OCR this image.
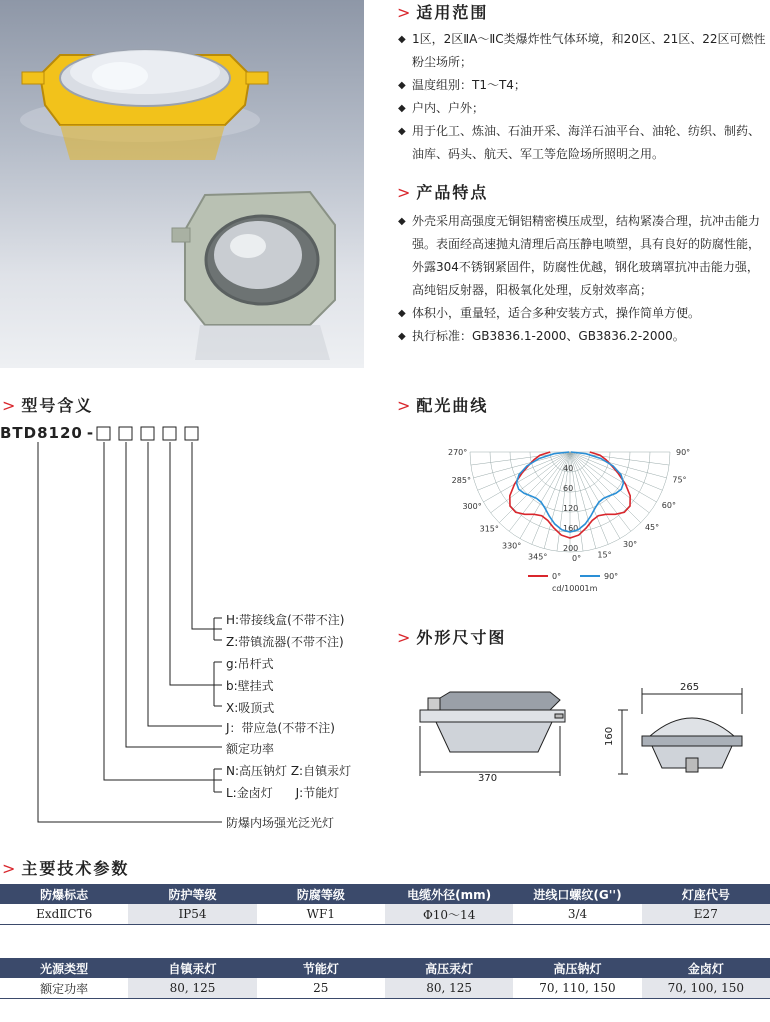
> 适用范围
◆ 1区，2区ⅡA～ⅡC类爆炸性气体环境，和20区、21区、22区可燃性粉尘场所；
◆ 温度组别：T1～T4；
◆ 户内、户外；
◆ 用于化工、炼油、石油开采、海洋石油平台、油轮、纺织、制药、油库、码头、航天、军工等危险场所照明之用。
> 产品特点
◆ 外壳采用高强度无铜铝精密模压成型，结构紧凑合理，抗冲击能力强。表面经高速抛丸清理后高压静电喷塑，具有良好的防腐性能，外露304不锈钢紧固件，防腐性优越，钢化玻璃罩抗冲击能力强，高纯铝反射器，阳极氧化处理，反射效率高；
◆ 体积小，重量轻，适合多种安装方式，操作简单方便。
◆ 执行标准：GB3836.1-2000、GB3836.2-2000。
> 型号含义
BTD8120 -
H:带接线盒(不带不注)
Z:带镇流器(不带不注)
g:吊杆式
b:壁挂式
X:吸顶式
J：带应急(不带不注)
额定功率
N:高压钠灯 Z:自镇汞灯
L:金卤灯      J:节能灯
防爆内场强光泛光灯
> 配光曲线
270°
285°
300°
315°
330°
345°
90°
75°
60°
45°
30°
15°
0°
40
60
120
160
200
0°	90°
cd/10001m
> 外形尺寸图
370
265
160
> 主要技术参数
防爆标志	防护等级	防腐等级	电缆外径(mm)	进线口螺纹(G'')	灯座代号
ExdⅡCT6	IP54	WF1	Φ10～14	3/4	E27
光源类型	自镇汞灯	节能灯	高压汞灯	高压钠灯	金卤灯
额定功率	80, 125	25	80, 125	70, 110, 150	70, 100, 150
